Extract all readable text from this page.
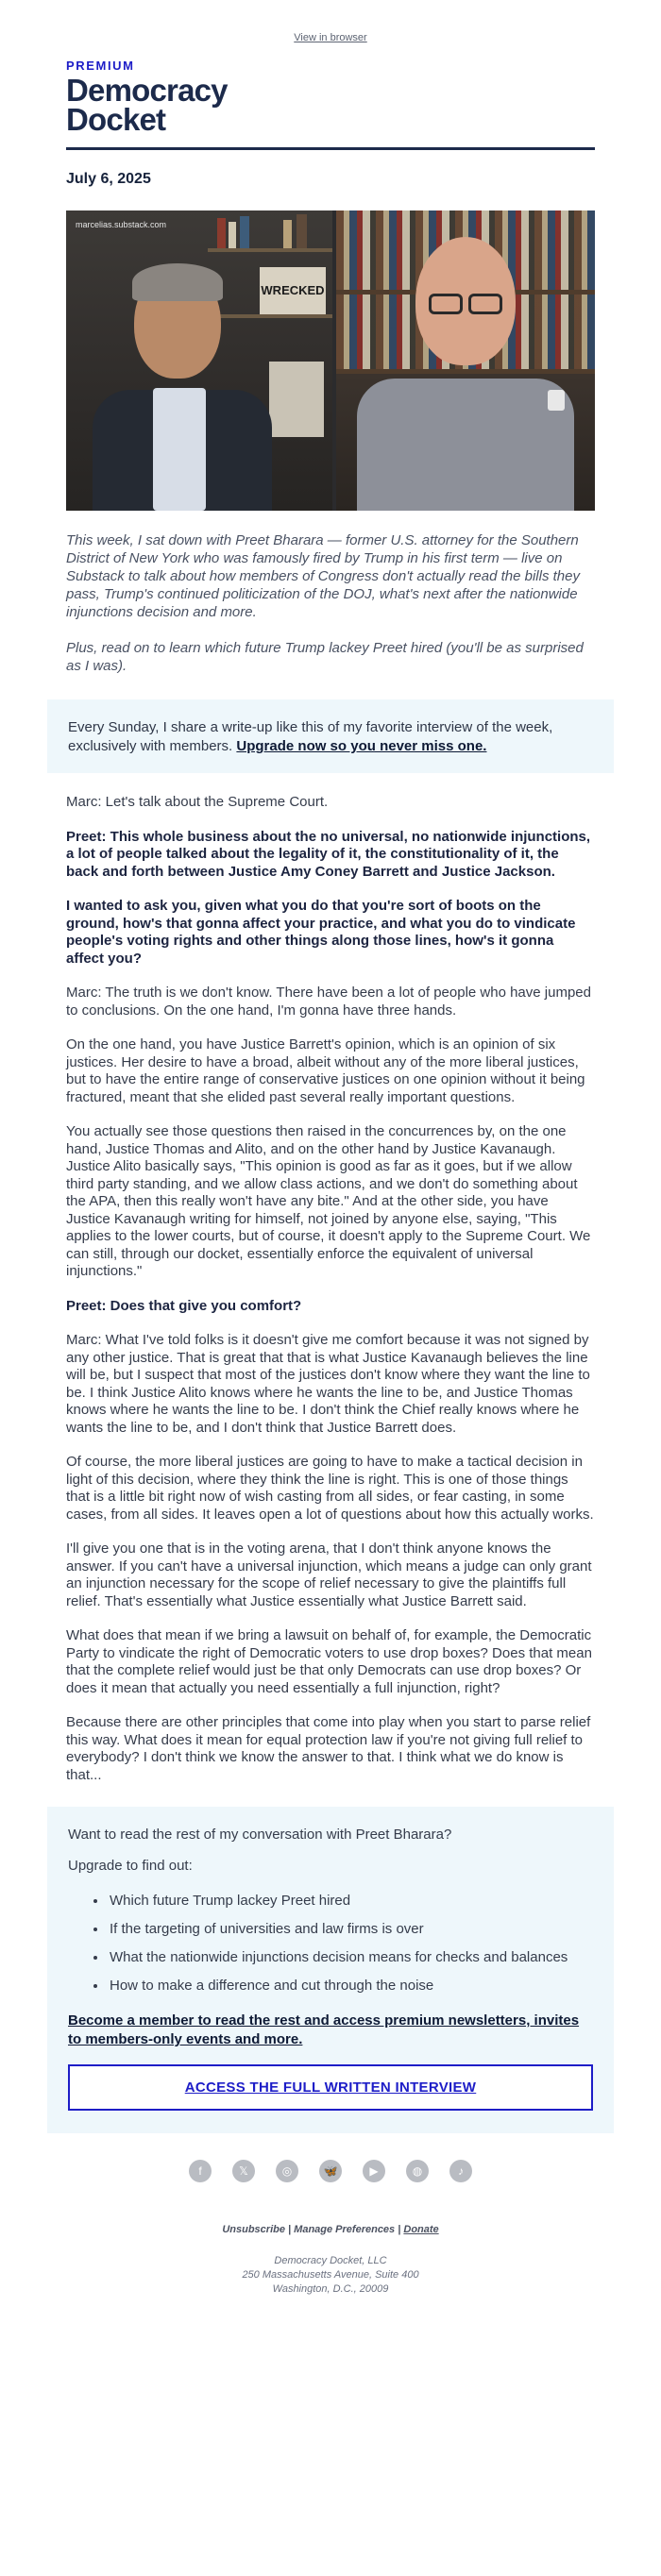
View in browser
PREMIUM
Democracy
Docket
July 6, 2025
WRECKED
marcelias.substack.com

This week, I sat down with Preet Bharara — former U.S. attorney for the Southern District of New York who was famously fired by Trump in his first term — live on Substack to talk about how members of Congress don't actually read the bills they pass, Trump's continued politicization of the DOJ, what's next after the nationwide injunctions decision and more.

Plus, read on to learn which future Trump lackey Preet hired (you'll be as surprised as I was).

Every Sunday, I share a write-up like this of my favorite interview of the week, exclusively with members. Upgrade now so you never miss one.

Marc: Let's talk about the Supreme Court.

Preet: This whole business about the no universal, no nationwide injunctions, a lot of people talked about the legality of it, the constitutionality of it, the back and forth between Justice Amy Coney Barrett and Justice Jackson.

I wanted to ask you, given what you do that you're sort of boots on the ground, how's that gonna affect your practice, and what you do to vindicate people's voting rights and other things along those lines, how's it gonna affect you?

Marc: The truth is we don't know. There have been a lot of people who have jumped to conclusions. On the one hand, I'm gonna have three hands.

On the one hand, you have Justice Barrett's opinion, which is an opinion of six justices. Her desire to have a broad, albeit without any of the more liberal justices, but to have the entire range of conservative justices on one opinion without it being fractured, meant that she elided past several really important questions.

You actually see those questions then raised in the concurrences by, on the one hand, Justice Thomas and Alito, and on the other hand by Justice Kavanaugh. Justice Alito basically says, "This opinion is good as far as it goes, but if we allow third party standing, and we allow class actions, and we don't do something about the APA, then this really won't have any bite." And at the other side, you have Justice Kavanaugh writing for himself, not joined by anyone else, saying, "This applies to the lower courts, but of course, it doesn't apply to the Supreme Court. We can still, through our docket, essentially enforce the equivalent of universal injunctions."

Preet: Does that give you comfort?

Marc: What I've told folks is it doesn't give me comfort because it was not signed by any other justice. That is great that that is what Justice Kavanaugh believes the line will be, but I suspect that most of the justices don't know where they want the line to be. I think Justice Alito knows where he wants the line to be, and Justice Thomas knows where he wants the line to be. I don't think the Chief really knows where he wants the line to be, and I don't think that Justice Barrett does.

Of course, the more liberal justices are going to have to make a tactical decision in light of this decision, where they think the line is right. This is one of those things that is a little bit right now of wish casting from all sides, or fear casting, in some cases, from all sides. It leaves open a lot of questions about how this actually works.

I'll give you one that is in the voting arena, that I don't think anyone knows the answer. If you can't have a universal injunction, which means a judge can only grant an injunction necessary for the scope of relief necessary to give the plaintiffs full relief. That's essentially what Justice essentially what Justice Barrett said.

What does that mean if we bring a lawsuit on behalf of, for example, the Democratic Party to vindicate the right of Democratic voters to use drop boxes? Does that mean that the complete relief would just be that only Democrats can use drop boxes? Or does it mean that actually you need essentially a full injunction, right?

Because there are other principles that come into play when you start to parse relief this way. What does it mean for equal protection law if you're not giving full relief to everybody? I don't think we know the answer to that. I think what we do know is that...

Want to read the rest of my conversation with Preet Bharara?
Upgrade to find out:
• Which future Trump lackey Preet hired
• If the targeting of universities and law firms is over
• What the nationwide injunctions decision means for checks and balances
• How to make a difference and cut through the noise
Become a member to read the rest and access premium newsletters, invites to members-only events and more.
ACCESS THE FULL WRITTEN INTERVIEW
f	𝕏	◎	🦋	▶	◍	♪
Unsubscribe | Manage Preferences | Donate
Democracy Docket, LLC
250 Massachusetts Avenue, Suite 400
Washington, D.C., 20009
